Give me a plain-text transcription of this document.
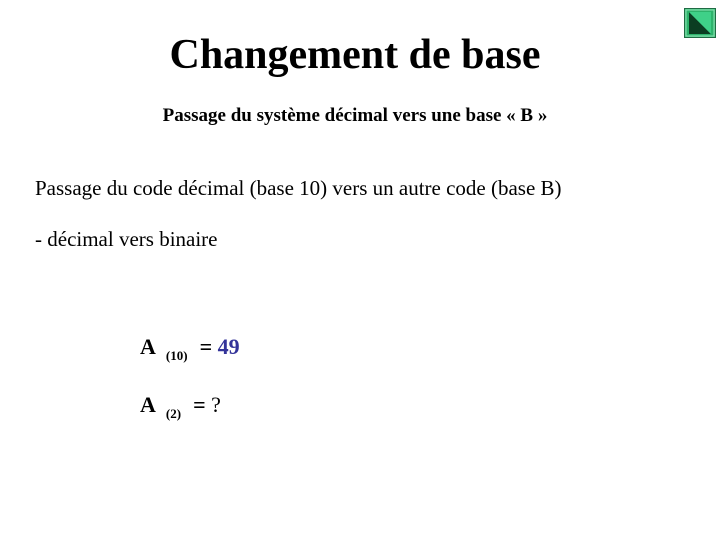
Changement de base

Passage du système décimal vers une base « B »

Passage du code décimal (base 10) vers un autre code (base B)
- décimal vers binaire
A $_{(10)}$ = 49
A $_{(2)}$ = ?
